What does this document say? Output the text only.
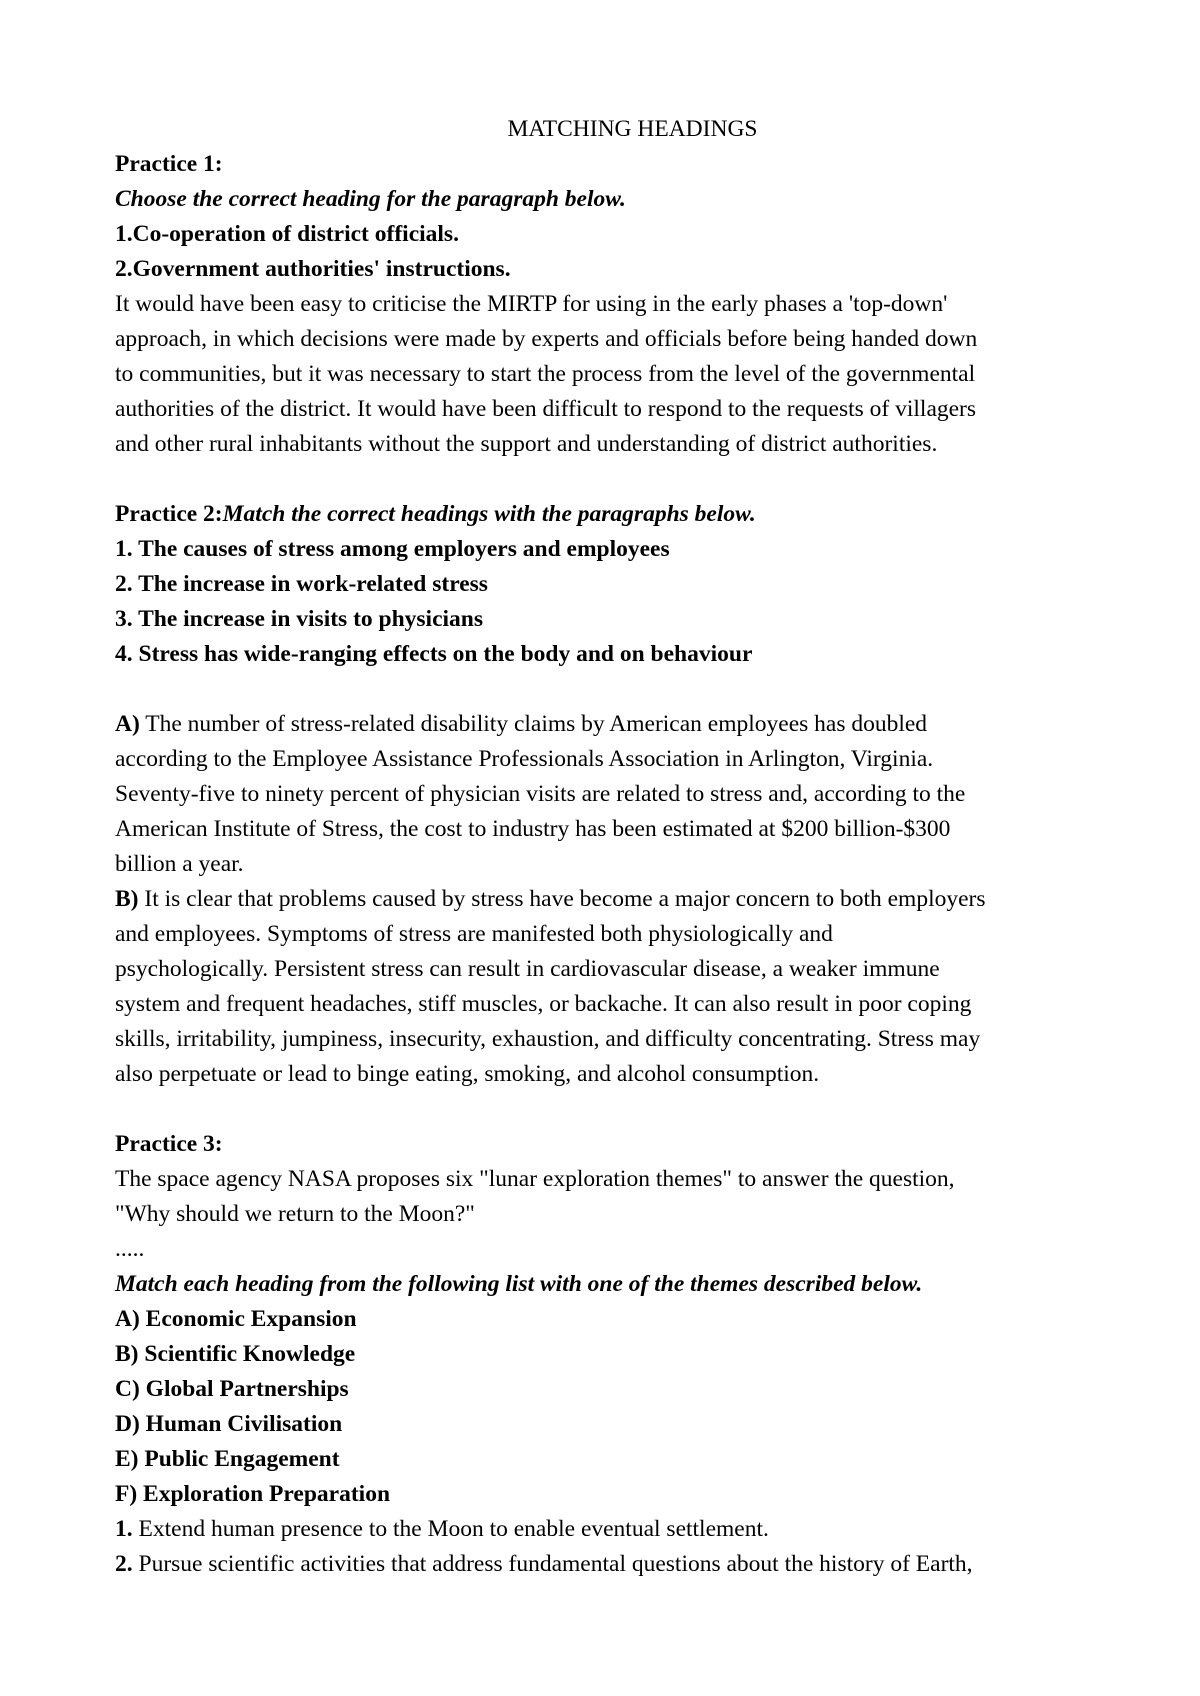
MATCHING HEADINGS
Practice 1:
Choose the correct heading for the paragraph below.
1.Co-operation of district officials.
2.Government authorities' instructions.
It would have been easy to criticise the MIRTP for using in the early phases a 'top-down'
approach, in which decisions were made by experts and officials before being handed down
to communities, but it was necessary to start the process from the level of the governmental
authorities of the district. It would have been difficult to respond to the requests of villagers
and other rural inhabitants without the support and understanding of district authorities.
Practice 2:Match the correct headings with the paragraphs below.
1. The causes of stress among employers and employees
2. The increase in work-related stress
3. The increase in visits to physicians
4. Stress has wide-ranging effects on the body and on behaviour
A) The number of stress-related disability claims by American employees has doubled
according to the Employee Assistance Professionals Association in Arlington, Virginia.
Seventy-five to ninety percent of physician visits are related to stress and, according to the
American Institute of Stress, the cost to industry has been estimated at $200 billion-$300
billion a year.
B) It is clear that problems caused by stress have become a major concern to both employers
and employees. Symptoms of stress are manifested both physiologically and
psychologically. Persistent stress can result in cardiovascular disease, a weaker immune
system and frequent headaches, stiff muscles, or backache. It can also result in poor coping
skills, irritability, jumpiness, insecurity, exhaustion, and difficulty concentrating. Stress may
also perpetuate or lead to binge eating, smoking, and alcohol consumption.
Practice 3:
The space agency NASA proposes six "lunar exploration themes" to answer the question,
"Why should we return to the Moon?"
.....
Match each heading from the following list with one of the themes described below.
A) Economic Expansion
B) Scientific Knowledge
C) Global Partnerships
D) Human Civilisation
E) Public Engagement
F) Exploration Preparation
1. Extend human presence to the Moon to enable eventual settlement.
2. Pursue scientific activities that address fundamental questions about the history of Earth,
